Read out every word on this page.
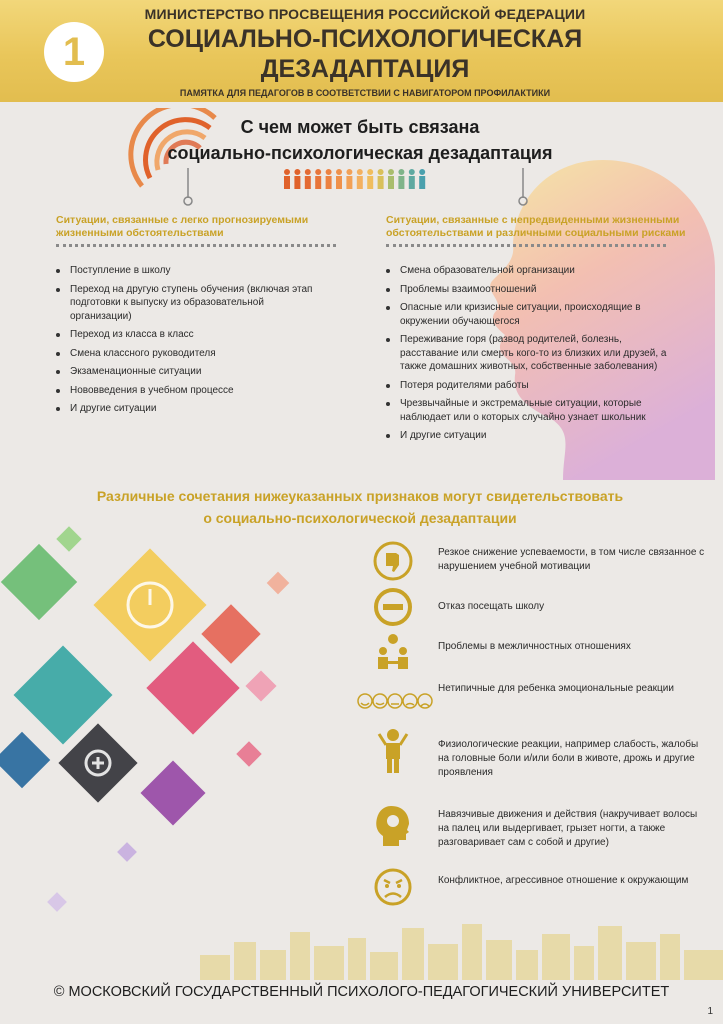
1
МИНИСТЕРСТВО ПРОСВЕЩЕНИЯ РОССИЙСКОЙ ФЕДЕРАЦИИ
СОЦИАЛЬНО-ПСИХОЛОГИЧЕСКАЯ
ДЕЗАДАПТАЦИЯ
ПАМЯТКА ДЛЯ ПЕДАГОГОВ В СООТВЕТСТВИИ С НАВИГАТОРОМ ПРОФИЛАКТИКИ
С чем может быть связана
социально-психологическая дезадаптация
Ситуации, связанные с легко прогнозируемыми жизненными обстоятельствами
Ситуации, связанные с непредвиденными жизненными обстоятельствами и различными социальными рисками
Поступление в школу
Переход на другую ступень обучения (включая этап подготовки к выпуску из образовательной организации)
Переход из класса в класс
Смена классного руководителя
Экзаменационные ситуации
Нововведения в учебном процессе
И другие ситуации
Смена образовательной организации
Проблемы взаимоотношений
Опасные или кризисные ситуации, происходящие в окружении обучающегося
Переживание горя (развод родителей, болезнь, расставание или смерть кого-то из близких или друзей, а также домашних животных, собственные заболевания)
Потеря родителями работы
Чрезвычайные и экстремальные ситуации, которые наблюдает или о которых случайно узнает школьник
И другие ситуации
Различные сочетания нижеуказанных признаков могут свидетельствовать
о социально-психологической дезадаптации
Резкое снижение успеваемости, в том числе связанное с нарушением учебной мотивации
Отказ посещать школу
Проблемы в межличностных отношениях
Нетипичные для ребенка эмоциональные реакции
Физиологические реакции, например слабость, жалобы на головные боли и/или боли в животе, дрожь и другие проявления
Навязчивые движения и действия (накручивает волосы на палец или выдергивает, грызет ногти, а также разговаривает сам с собой и другие)
Конфликтное, агрессивное отношение к окружающим
© МОСКОВСКИЙ ГОСУДАРСТВЕННЫЙ ПСИХОЛОГО-ПЕДАГОГИЧЕСКИЙ УНИВЕРСИТЕТ
1
